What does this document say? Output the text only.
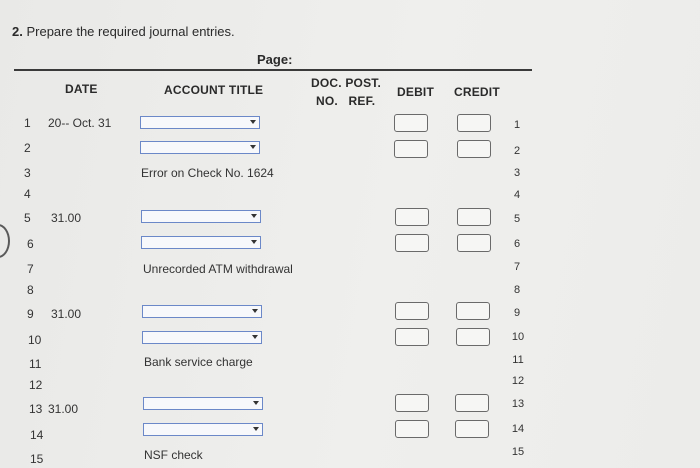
2. Prepare the required journal entries.
Page:
DATE	ACCOUNT TITLE	DOC. POST.
NO.   REF.
DEBIT CREDIT
1
2
3
4
5
6
7
8
9
10
11
12
13
14
15
20-- Oct. 31
31.00
31.00
31.00
Error on Check No. 1624
Unrecorded ATM withdrawal
Bank service charge
NSF check
1
2
3
4
5
6
7
8
9
10
11
12
13
14
15
